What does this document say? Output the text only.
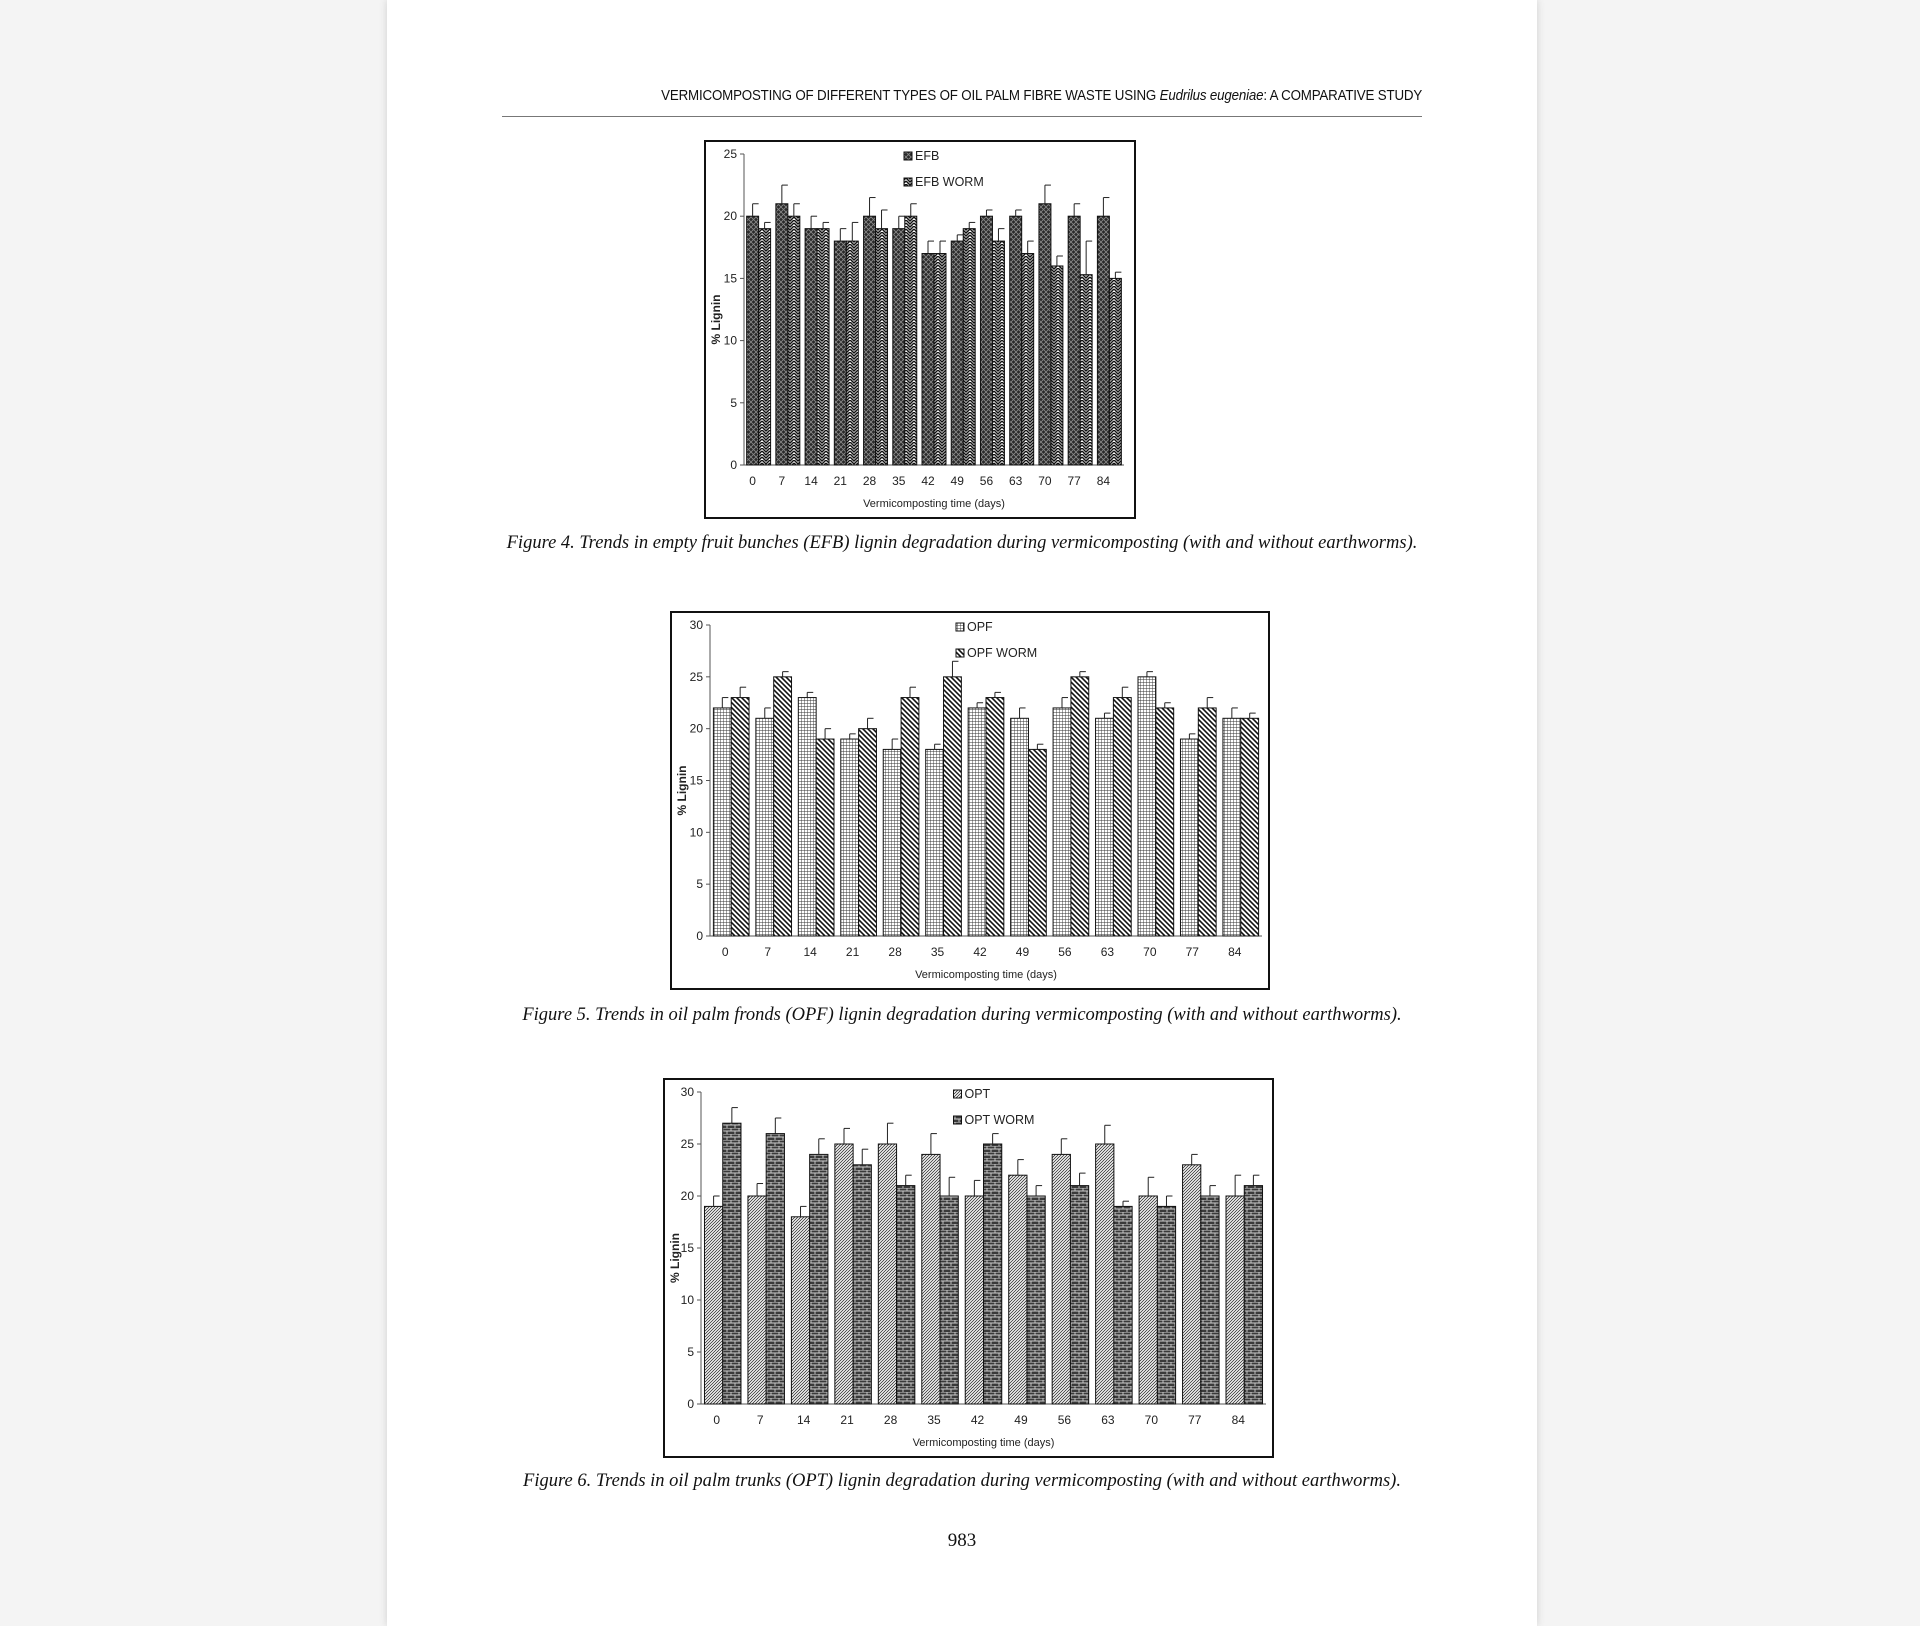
VERMICOMPOSTING OF DIFFERENT TYPES OF OIL PALM FIBRE WASTE USING Eudrilus eugeniae: A COMPARATIVE STUDY
0
5
10
15
20
25
% Lignin
0 7 14 21 28 35 42 49 56 63 70 77 84
Vermicomposting time (days)
EFB
EFB WORM
Figure 4. Trends in empty fruit bunches (EFB) lignin degradation during vermicomposting (with and without earthworms).
0
5
10
15
20
25
30
% Lignin
0	7	14 21 28 35 42 49 56 63 70 77 84
Vermicomposting time (days)
OPF
OPF WORM
Figure 5. Trends in oil palm fronds (OPF) lignin degradation during vermicomposting (with and without earthworms).
0
5
10
15
20
25
30
% Lignin
0	7	14	21	28	35	42	49	56	63	70	77	84
Vermicomposting time (days)
OPT
OPT WORM
Figure 6. Trends in oil palm trunks (OPT) lignin degradation during vermicomposting (with and without earthworms).
983
